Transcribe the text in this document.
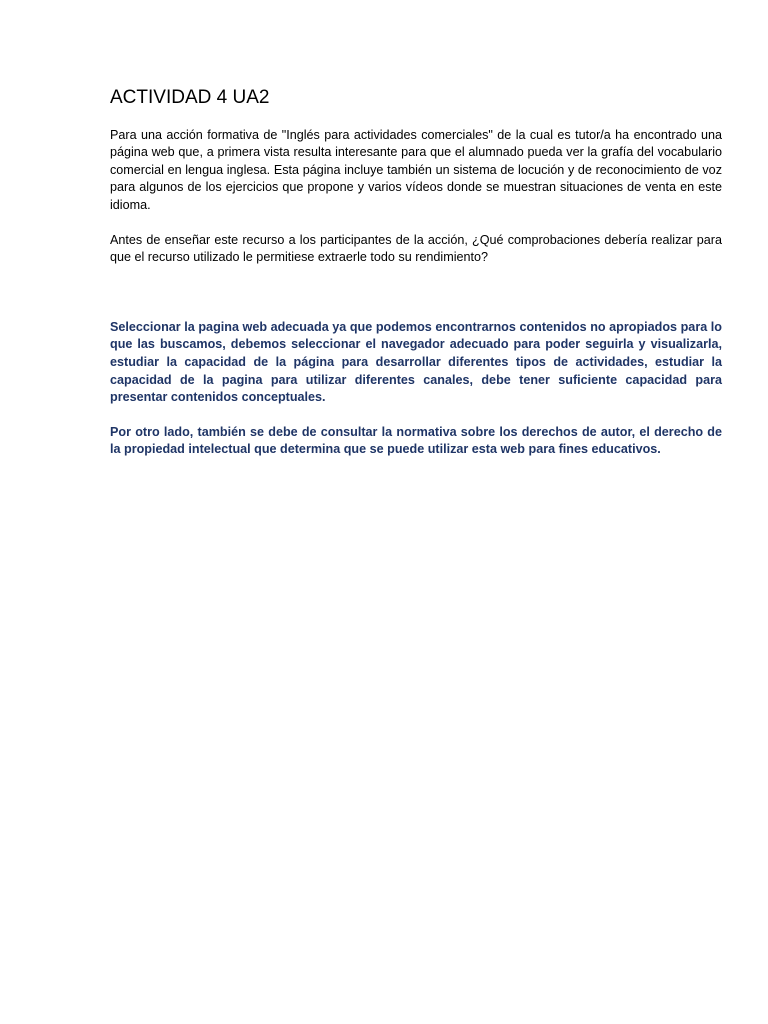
ACTIVIDAD 4 UA2

Para una acción formativa de "Inglés para actividades comerciales" de la cual es tutor/a ha encontrado una página web que, a primera vista resulta interesante para que el alumnado pueda ver la grafía del vocabulario comercial en lengua inglesa. Esta página incluye también un sistema de locución y de reconocimiento de voz para algunos de los ejercicios que propone y varios vídeos donde se muestran situaciones de venta en este idioma.

Antes de enseñar este recurso a los participantes de la acción, ¿Qué comprobaciones debería realizar para que el recurso utilizado le permitiese extraerle todo su rendimiento?

Seleccionar la pagina web adecuada ya que podemos encontrarnos contenidos no apropiados para lo que las buscamos, debemos seleccionar el navegador adecuado para poder seguirla y visualizarla, estudiar la capacidad de la página para desarrollar diferentes tipos de actividades, estudiar la capacidad de la pagina para utilizar diferentes canales, debe tener suficiente capacidad para presentar contenidos conceptuales.

Por otro lado, también se debe de consultar la normativa sobre los derechos de autor, el derecho de la propiedad intelectual que determina que se puede utilizar esta web para fines educativos.
